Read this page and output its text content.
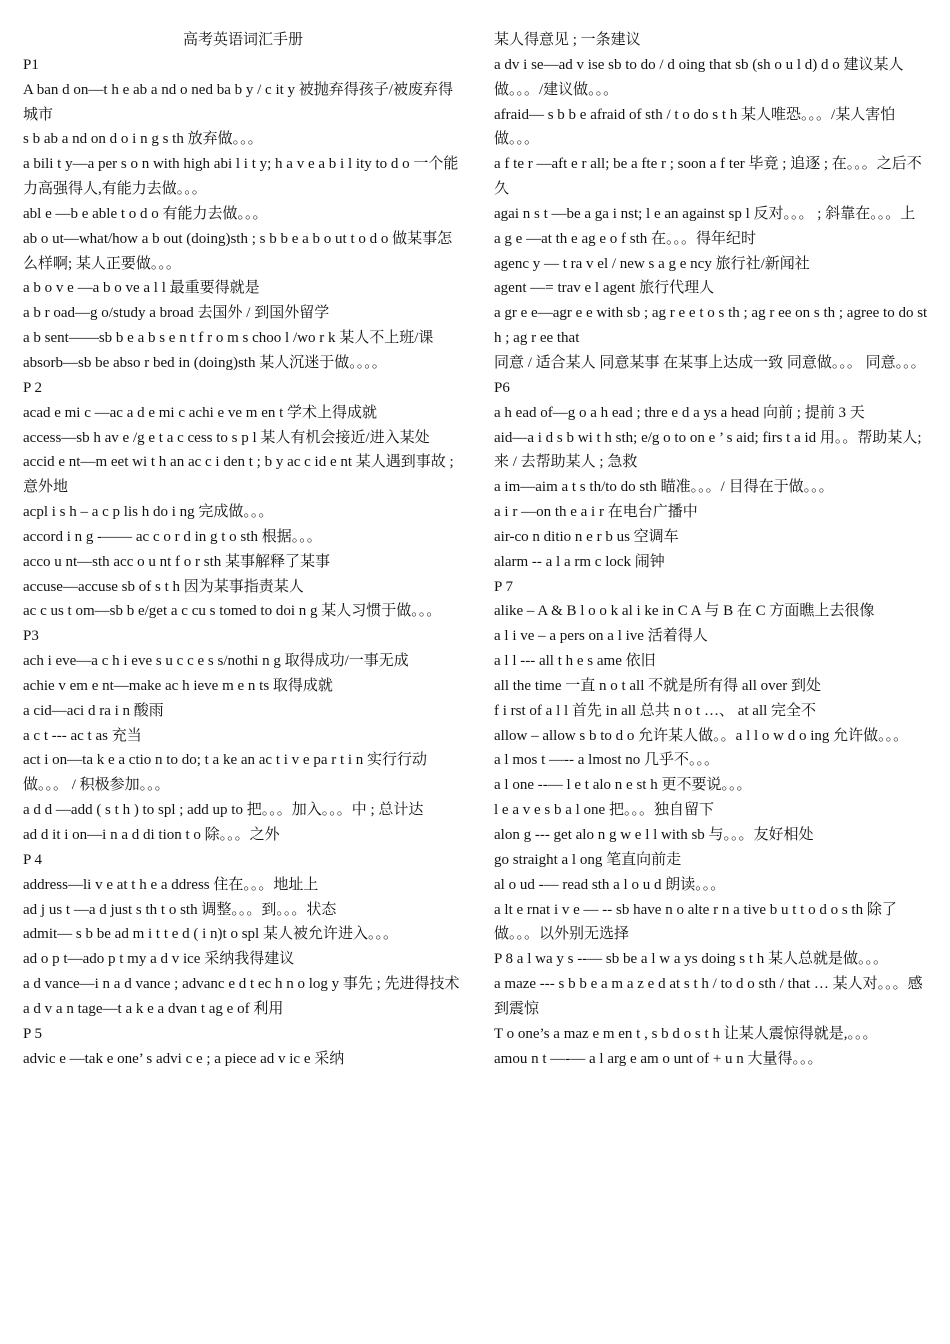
高考英语词汇手册

P1

A ban d on—t h e ab a nd o ned ba b y / c it y 被抛弃得孩子/被废弃得城市

s b ab a nd on d o i n g s th 放弃做。。。

a bili t y—a per s o n with high abi l i t y; h a v e a b i l ity to d o 一个能力高强得人,有能力去做。。。

abl e —b e able t o d o 有能力去做。。。

ab o ut—what/how a b out (doing)sth ; s b b e a b o ut t o d o 做某事怎么样啊; 某人正要做。。。

a b o v e —a b o ve a l l 最重要得就是

a b r oad—g o/study a broad 去国外 / 到国外留学

a b sent——sb b e a b s e n t f r o m s choo l /wo r k 某人不上班/课

absorb—sb be abso r bed in (doing)sth 某人沉迷于做。。。。

P 2

acad e mi c —ac a d e mi c achi e ve m en t 学术上得成就

access—sb h av e /g e t a c cess to s p l 某人有机会接近/进入某处

accid e nt—m eet wi t h an ac c i den t ; b y ac c id e nt 某人遇到事故 ; 意外地

acpl i s h – a c p lis h do i ng 完成做。。。

accord i n g -—— ac c o r d in g t o sth 根据。。。

acco u nt—sth acc o u nt f o r sth 某事解释了某事

accuse—accuse sb of s t h 因为某事指责某人

ac c us t om—sb b e/get a c cu s tomed to doi n g 某人习惯于做。。。

P3

ach i eve—a c h i eve s u c c e s s/nothi n g 取得成功/一事无成

achie v em e nt—make ac h ieve m e n ts 取得成就

a cid—aci d ra i n 酸雨

a c t --- ac t as 充当

act i on—ta k e a ctio n to do; t a ke an ac t i v e pa r t i n 实行行动做。。。 / 积极参加。。。

a d d —add ( s t h ) to spl ; add up to 把。。。加入。。。中 ; 总计达

ad d it i on—i n a d di tion t o 除。。。之外

P 4

address—li v e at t h e a ddress 住在。。。地址上

ad j us t —a d just s th t o sth 调整。。。到。。。状态

admit— s b be ad m i t t e d ( i n)t o spl 某人被允许进入。。。

ad o p t—ado p t my a d v ice 采纳我得建议

a d vance—i n a d vance ; advanc e d t ec h n o log y 事先 ; 先进得技术

a d v a n tage—t a k e a dvan t ag e of 利用

P 5

advic e —tak e one’ s advi c e ; a piece ad v ic e 采纳

某人得意见 ; 一条建议

a dv i se—ad v ise sb to do / d oing that sb (sh o u l d) d o 建议某人做。。。/建议做。。。

afraid— s b b e afraid of sth / t o do s t h 某人唯恐。。。/某人害怕做。。。

a f te r —aft e r all; be a fte r ; soon a f ter 毕竟 ; 追逐 ; 在。。。之后不久

agai n s t —be a ga i nst; l e an against sp l 反对。。。 ; 斜靠在。。。上

a g e —at th e ag e o f sth 在。。。得年纪时

agenc y — t ra v el / new s a g e ncy 旅行社/新闻社

agent —= trav e l agent 旅行代理人

a gr e e—agr e e with sb ; ag r e e t o s th ; ag r ee on s th ; agree to do sth ; ag r ee that

同意 / 适合某人 同意某事 在某事上达成一致 同意做。。。 同意。。。

P6

a h ead of—g o a h ead ; thre e d a ys a head 向前 ; 提前 3 天

aid—a i d s b wi t h sth; e/g o to on e ’ s aid; firs t a id 用。。帮助某人;来 / 去帮助某人 ; 急救

a im—aim a t s th/to do sth 瞄准。。。/ 目得在于做。。。

a i r —on th e a i r 在电台广播中

air-co n ditio n e r b us 空调车

alarm -- a l a rm c lock 闹钟

P 7

alike – A & B l o o k al i ke in C A 与 B 在 C 方面瞧上去很像

a l i ve – a pers on a l ive 活着得人

a l l --- all t h e s ame 依旧

all the time 一直 n o t all 不就是所有得 all over 到处

f i rst of a l l 首先 in all 总共 n o t …、 at all 完全不

allow – allow s b to d o 允许某人做。。a l l o w d o ing 允许做。。。

a l mos t —-- a lmost no 几乎不。。。

a l one --— l e t alo n e st h 更不要说。。。

l e a v e s b a l one 把。。。独自留下

alon g --- get alo n g w e l l with sb 与。。。友好相处

go straight a l ong 笔直向前走

al o ud -— read sth a l o u d 朗读。。。

a lt e rnat i v e — -- sb have n o alte r n a tive b u t t o d o s th 除了做。。。以外别无选择

P 8 a l wa y s --— sb be a l w a ys doing s t h 某人总就是做。。。

a maze --- s b b e a m a z e d at s t h / to d o sth / that … 某人对。。。感到震惊

T o one’s a maz e m en t , s b d o s t h 让某人震惊得就是,。。。

amou n t —-— a l arg e am o unt of + u n 大量得。。。
